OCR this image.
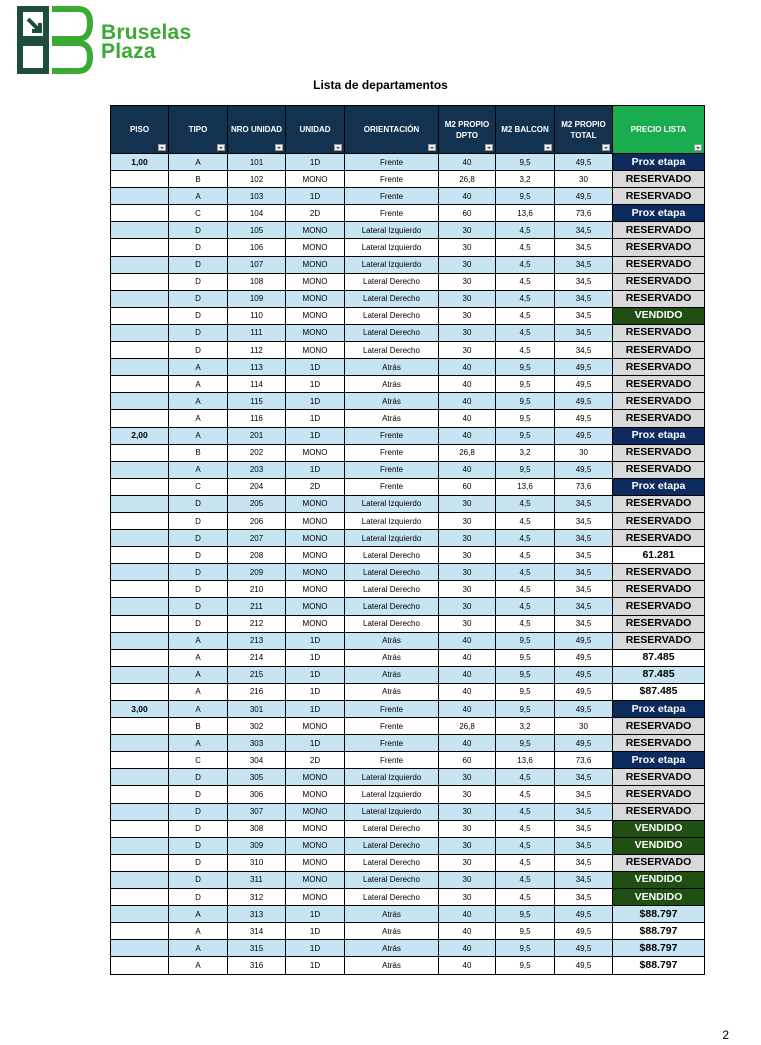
Bruselas
Plaza
Lista de departamentos
PISO	TIPO	NRO UNIDAD	UNIDAD	ORIENTACIÓN	M2 PROPIO DPTO	M2 BALCON	M2 PROPIO TOTAL	PRECIO LISTA

1,00	A	101	1D	Frente	40	9,5	49,5	Prox etapa
	B	102	MONO	Frente	26,8	3,2	30	RESERVADO
	A	103	1D	Frente	40	9,5	49,5	RESERVADO
	C	104	2D	Frente	60	13,6	73,6	Prox etapa
	D	105	MONO	Lateral Izquierdo	30	4,5	34,5	RESERVADO
	D	106	MONO	Lateral Izquierdo	30	4,5	34,5	RESERVADO
	D	107	MONO	Lateral Izquierdo	30	4,5	34,5	RESERVADO
	D	108	MONO	Lateral Derecho	30	4,5	34,5	RESERVADO
	D	109	MONO	Lateral Derecho	30	4,5	34,5	RESERVADO
	D	110	MONO	Lateral Derecho	30	4,5	34,5	VENDIDO
	D	111	MONO	Lateral Derecho	30	4,5	34,5	RESERVADO
	D	112	MONO	Lateral Derecho	30	4,5	34,5	RESERVADO
	A	113	1D	Atrás	40	9,5	49,5	RESERVADO
	A	114	1D	Atrás	40	9,5	49,5	RESERVADO
	A	115	1D	Atrás	40	9,5	49,5	RESERVADO
	A	116	1D	Atrás	40	9,5	49,5	RESERVADO
2,00	A	201	1D	Frente	40	9,5	49,5	Prox etapa
	B	202	MONO	Frente	26,8	3,2	30	RESERVADO
	A	203	1D	Frente	40	9,5	49,5	RESERVADO
	C	204	2D	Frente	60	13,6	73,6	Prox etapa
	D	205	MONO	Lateral Izquierdo	30	4,5	34,5	RESERVADO
	D	206	MONO	Lateral Izquierdo	30	4,5	34,5	RESERVADO
	D	207	MONO	Lateral Izquierdo	30	4,5	34,5	RESERVADO
	D	208	MONO	Lateral Derecho	30	4,5	34,5	61.281
	D	209	MONO	Lateral Derecho	30	4,5	34,5	RESERVADO
	D	210	MONO	Lateral Derecho	30	4,5	34,5	RESERVADO
	D	211	MONO	Lateral Derecho	30	4,5	34,5	RESERVADO
	D	212	MONO	Lateral Derecho	30	4,5	34,5	RESERVADO
	A	213	1D	Atrás	40	9,5	49,5	RESERVADO
	A	214	1D	Atrás	40	9,5	49,5	87.485
	A	215	1D	Atrás	40	9,5	49,5	87.485
	A	216	1D	Atrás	40	9,5	49,5	$87.485
3,00	A	301	1D	Frente	40	9,5	49,5	Prox etapa
	B	302	MONO	Frente	26,8	3,2	30	RESERVADO
	A	303	1D	Frente	40	9,5	49,5	RESERVADO
	C	304	2D	Frente	60	13,6	73,6	Prox etapa
	D	305	MONO	Lateral Izquierdo	30	4,5	34,5	RESERVADO
	D	306	MONO	Lateral Izquierdo	30	4,5	34,5	RESERVADO
	D	307	MONO	Lateral Izquierdo	30	4,5	34,5	RESERVADO
	D	308	MONO	Lateral Derecho	30	4,5	34,5	VENDIDO
	D	309	MONO	Lateral Derecho	30	4,5	34,5	VENDIDO
	D	310	MONO	Lateral Derecho	30	4,5	34,5	RESERVADO
	D	311	MONO	Lateral Derecho	30	4,5	34,5	VENDIDO
	D	312	MONO	Lateral Derecho	30	4,5	34,5	VENDIDO
	A	313	1D	Atrás	40	9,5	49,5	$88.797
	A	314	1D	Atrás	40	9,5	49,5	$88.797
	A	315	1D	Atrás	40	9,5	49,5	$88.797
	A	316	1D	Atrás	40	9,5	49,5	$88.797
2
